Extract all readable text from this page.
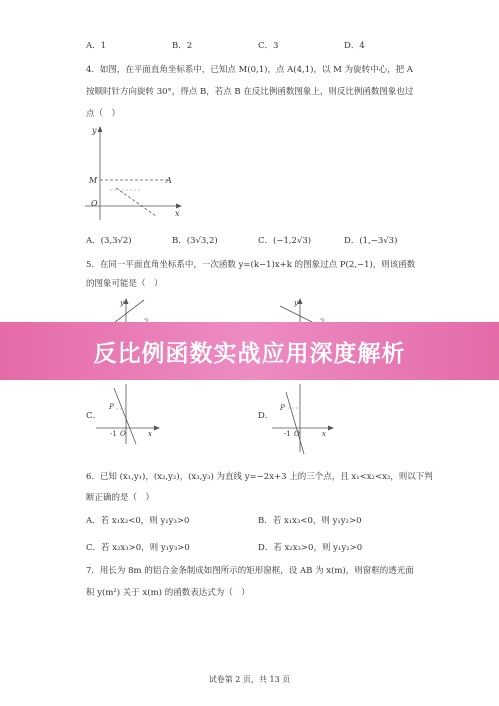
A．1	B．2	C．3	D．4
4．如图，在平面直角坐标系中，已知点 M(0,1)，点 A(4,1)，以 M 为旋转中心，把 A
按顺时针方向旋转 30°，得点 B，若点 B 在反比例函数图象上，则反比例函数图象也过
点（　）
y
x
M	A
O
A．(3,3√2)	B．(3√3,2)	C．(−1,2√3)	D．(1,−3√3)
5．在同一平面直角坐标系中，一次函数 y=(k−1)x+k 的图象过点 P(2,−1)，则该函数
的图象可能是（　）
y	y
反比例函数实战应用深度解析
C．
P
-1 O	x
D．
P
-1 O	x
6．已知 (x₁,y₁)，(x₂,y₂)，(x₃,y₃) 为直线 y=−2x+3 上的三个点，且 x₁<x₂<x₃，则以下判
断正确的是（　）
A．若 x₁x₂<0，则 y₁y₃>0	B．若 x₁x₃<0，则 y₁y₂>0
C．若 x₂x₃>0，则 y₁y₃>0	D．若 x₂x₃>0，则 y₁y₂>0
7．用长为 8m 的铝合金条制成如图所示的矩形窗框，设 AB 为 x(m)，则窗框的透光面
积 y(m²) 关于 x(m) 的函数表达式为（　）
试卷第 2 页，共 13 页
